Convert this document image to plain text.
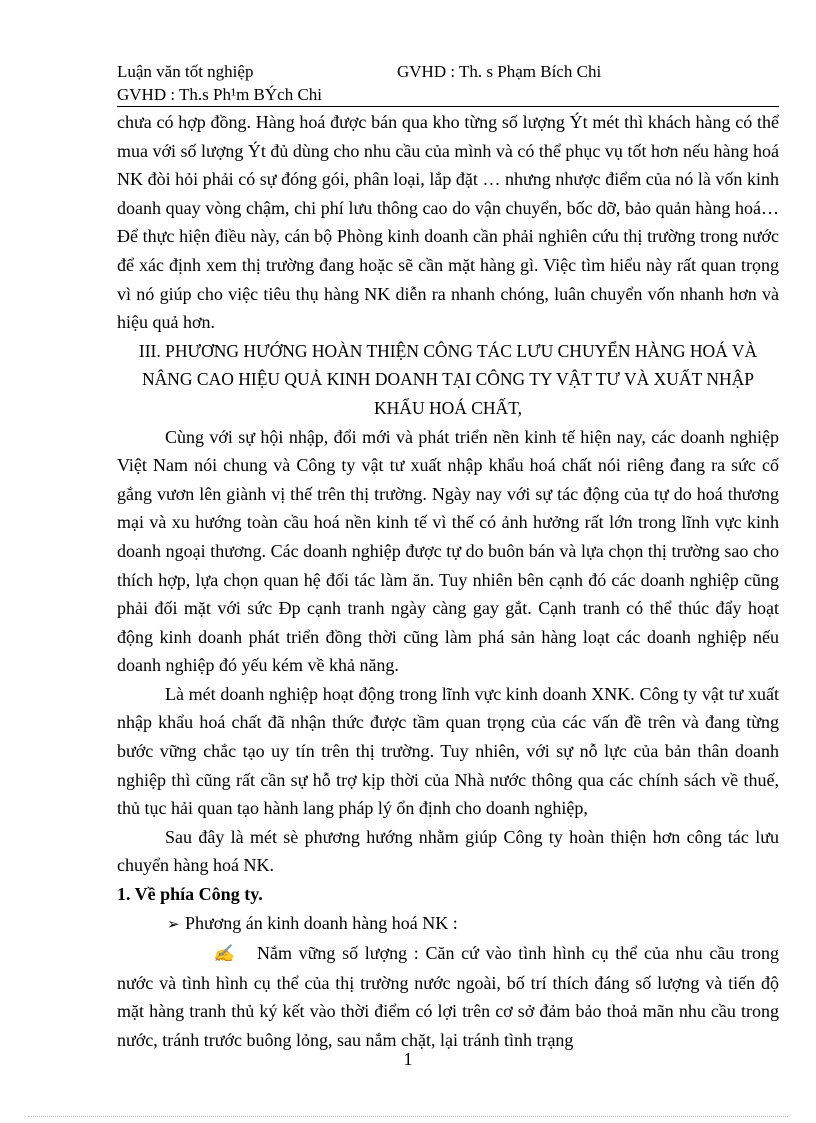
Luận văn tốt nghiệp	GVHD : Th. s Phạm Bích Chi
GVHD : Th.s Ph¹m BÝch Chi

chưa có hợp đồng. Hàng hoá được bán qua kho từng số lượng Ýt mét thì khách hàng có thể mua với số lượng Ýt đủ dùng cho nhu cầu của mình và có thể phục vụ tốt hơn nếu hàng hoá NK đòi hỏi phải có sự đóng gói, phân loại, lắp đặt … nhưng nhược điểm của nó là vốn kinh doanh quay vòng chậm, chi phí lưu thông cao do vận chuyển, bốc dỡ, bảo quản hàng hoá… Để thực hiện điều này, cán bộ Phòng kinh doanh cần phải nghiên cứu thị trường trong nước để xác định xem thị trường đang hoặc sẽ cần mặt hàng gì. Việc tìm hiểu này rất quan trọng vì nó giúp cho việc tiêu thụ hàng NK diễn ra nhanh chóng, luân chuyển vốn nhanh hơn và hiệu quả hơn.

III. PHƯƠNG HƯỚNG HOÀN THIỆN CÔNG TÁC LƯU CHUYỂN HÀNG HOÁ VÀ NÂNG CAO HIỆU QUẢ KINH DOANH TẠI CÔNG TY VẬT TƯ VÀ XUẤT NHẬP KHẨU HOÁ CHẤT,

Cùng với sự hội nhập, đổi mới và phát triển nền kinh tế hiện nay, các doanh nghiệp Việt Nam nói chung và Công ty vật tư xuất nhập khẩu hoá chất nói riêng đang ra sức cố gắng vươn lên giành vị thế trên thị trường. Ngày nay với sự tác động của tự do hoá thương mại và xu hướng toàn cầu hoá nền kinh tế vì thế có ảnh hưởng rất lớn trong lĩnh vực kinh doanh ngoại thương. Các doanh nghiệp được tự do buôn bán và lựa chọn thị trường sao cho thích hợp, lựa chọn quan hệ đối tác làm ăn. Tuy nhiên bên cạnh đó các doanh nghiệp cũng phải đối mặt với sức Ðp cạnh tranh ngày càng gay gắt. Cạnh tranh có thể thúc đẩy hoạt động kinh doanh phát triển đồng thời cũng làm phá sản hàng loạt các doanh nghiệp nếu doanh nghiệp đó yếu kém về khả năng.

Là mét doanh nghiệp hoạt động trong lĩnh vực kinh doanh XNK. Công ty vật tư xuất nhập khẩu hoá chất đã nhận thức được tầm quan trọng của các vấn đề trên và đang từng bước vững chắc tạo uy tín trên thị trường. Tuy nhiên, với sự nỗ lực của bản thân doanh nghiệp thì cũng rất cần sự hỗ trợ kịp thời của Nhà nước thông qua các chính sách về thuế, thủ tục hải quan tạo hành lang pháp lý ổn định cho doanh nghiệp,

Sau đây là mét sè phương hướng nhằm giúp Công ty hoàn thiện hơn công tác lưu chuyển hàng hoá NK.

1. Về phía Công ty.

➢ Phương án kinh doanh hàng hoá NK :

✍ Nắm vững số lượng : Căn cứ vào tình hình cụ thể của nhu cầu trong nước và tình hình cụ thể của thị trường nước ngoài, bố trí thích đáng số lượng và tiến độ mặt hàng tranh thủ ký kết vào thời điểm có lợi trên cơ sở đảm bảo thoả mãn nhu cầu trong nước, tránh trước buông lỏng, sau nắm chặt, lại tránh tình trạng

1
